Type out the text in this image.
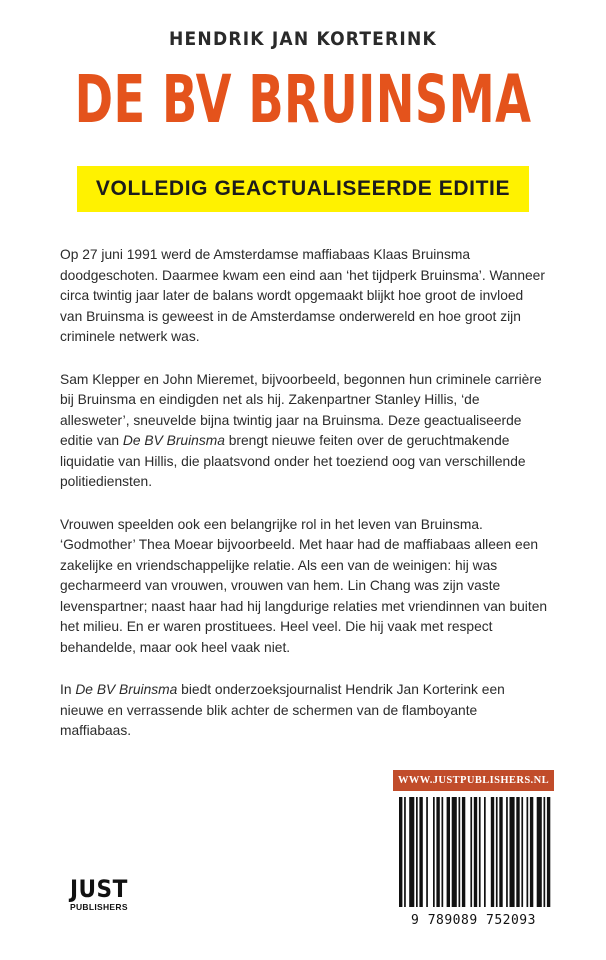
HENDRIK JAN KORTERINK
DE BV BRUINSMA
VOLLEDIG GEACTUALISEERDE EDITIE

Op 27 juni 1991 werd de Amsterdamse maffiabaas Klaas Bruinsma doodgeschoten. Daarmee kwam een eind aan ‘het tijdperk Bruinsma’. Wanneer circa twintig jaar later de balans wordt opgemaakt blijkt hoe groot de invloed van Bruinsma is geweest in de Amsterdamse onderwereld en hoe groot zijn criminele netwerk was.

Sam Klepper en John Mieremet, bijvoorbeeld, begonnen hun criminele carrière bij Bruinsma en eindigden net als hij. Zakenpartner Stanley Hillis, ‘de allesweter’, sneuvelde bijna twintig jaar na Bruinsma. Deze geactualiseerde editie van De BV Bruinsma brengt nieuwe feiten over de geruchtmakende liquidatie van Hillis, die plaatsvond onder het toeziend oog van verschillende politiediensten.

Vrouwen speelden ook een belangrijke rol in het leven van Bruinsma. ‘Godmother’ Thea Moear bijvoorbeeld. Met haar had de maffiabaas alleen een zakelijke en vriendschappelijke relatie. Als een van de weinigen: hij was gecharmeerd van vrouwen, vrouwen van hem. Lin Chang was zijn vaste levenspartner; naast haar had hij langdurige relaties met vriendinnen van buiten het milieu. En er waren prostituees. Heel veel. Die hij vaak met respect behandelde, maar ook heel vaak niet.

In De BV Bruinsma biedt onderzoeksjournalist Hendrik Jan Korterink een nieuwe en verrassende blik achter de schermen van de flamboyante maffiabaas.

WWW.JUSTPUBLISHERS.NL
9 789089 752093
JUST
PUBLISHERS
